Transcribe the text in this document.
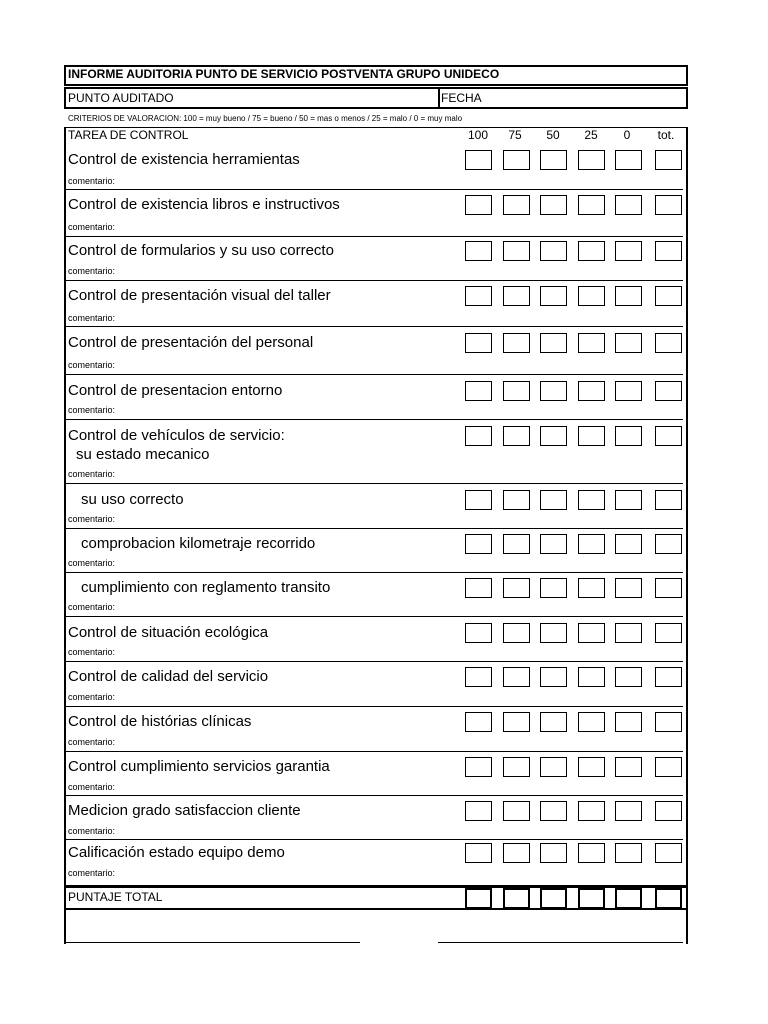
INFORME AUDITORIA PUNTO DE SERVICIO POSTVENTA GRUPO UNIDECO
PUNTO AUDITADO	FECHA
CRITERIOS DE VALORACION: 100 = muy bueno / 75 = bueno / 50 = mas o menos / 25 = malo / 0 = muy malo
TAREA DE CONTROL	100	75	50	25	0	tot.
Control de existencia herramientas
comentario:
Control de existencia libros e instructivos
comentario:
Control de formularios y su uso correcto
comentario:
Control de presentación visual del taller
comentario:
Control de presentación del personal
comentario:
Control de presentacion entorno
comentario:
Control de vehículos de servicio:
su estado mecanico
comentario:
su uso correcto
comentario:
comprobacion kilometraje recorrido
comentario:
cumplimiento con reglamento transito
comentario:
Control de situación ecológica
comentario:
Control de calidad del servicio
comentario:
Control de histórias clínicas
comentario:
Control cumplimiento servicios garantia
comentario:
Medicion grado satisfaccion cliente
comentario:
Calificación estado equipo demo
comentario:
PUNTAJE TOTAL
